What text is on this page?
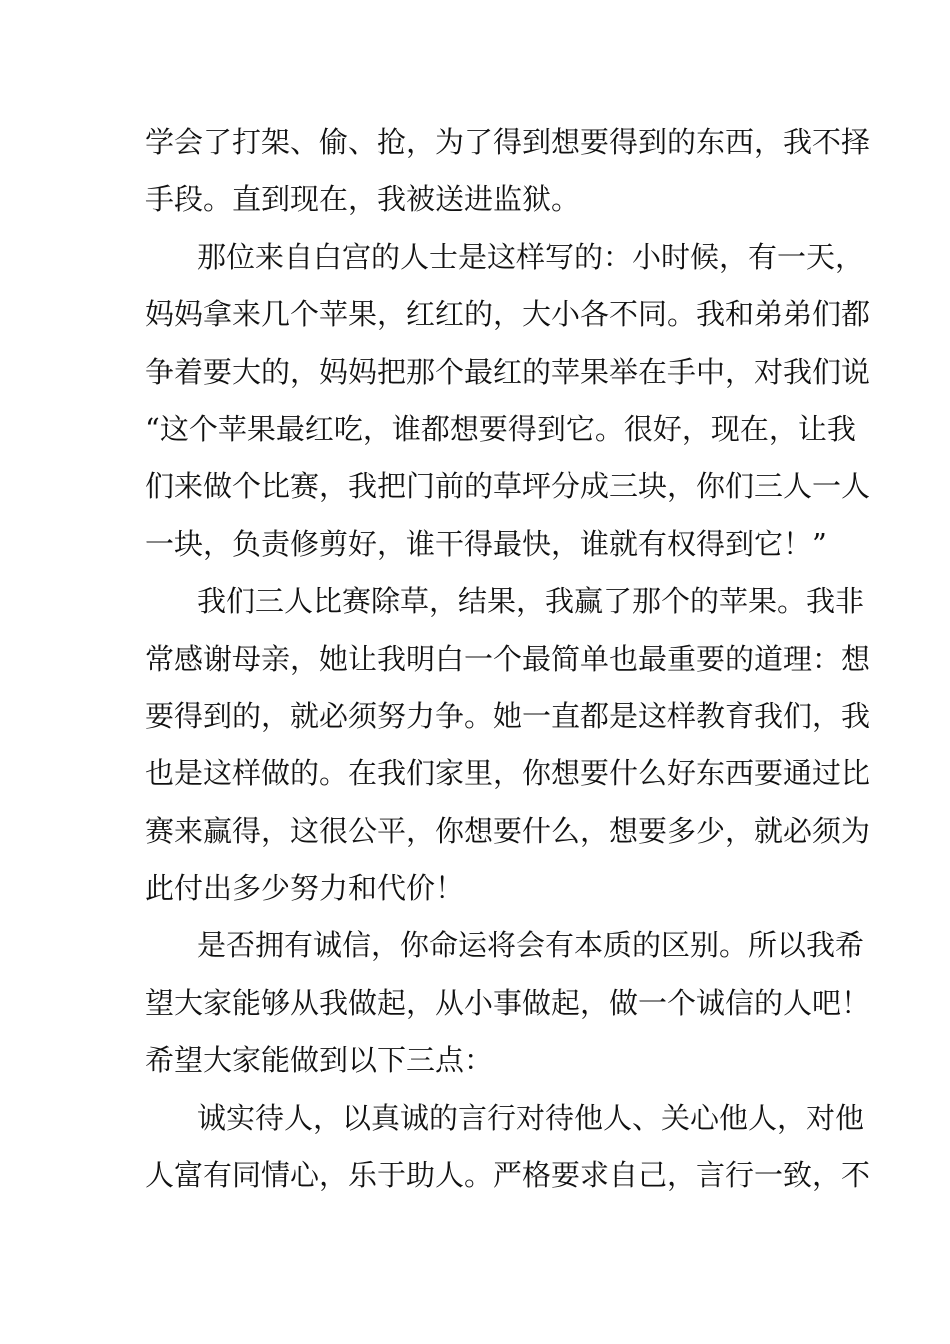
学会了打架、偷、抢，为了得到想要得到的东西，我不择
手段。直到现在，我被送进监狱。
那位来自白宫的人士是这样写的：小时候，有一天，
妈妈拿来几个苹果，红红的，大小各不同。我和弟弟们都
争着要大的，妈妈把那个最红的苹果举在手中，对我们说
“这个苹果最红吃，谁都想要得到它。很好，现在，让我
们来做个比赛，我把门前的草坪分成三块，你们三人一人
一块，负责修剪好，谁干得最快，谁就有权得到它！”
我们三人比赛除草，结果，我赢了那个的苹果。我非
常感谢母亲，她让我明白一个最简单也最重要的道理：想
要得到的，就必须努力争。她一直都是这样教育我们，我
也是这样做的。在我们家里，你想要什么好东西要通过比
赛来赢得，这很公平，你想要什么，想要多少，就必须为
此付出多少努力和代价！
是否拥有诚信，你命运将会有本质的区别。所以我希
望大家能够从我做起，从小事做起，做一个诚信的人吧！
希望大家能做到以下三点：
诚实待人，以真诚的言行对待他人、关心他人，对他
人富有同情心，乐于助人。严格要求自己，言行一致，不
